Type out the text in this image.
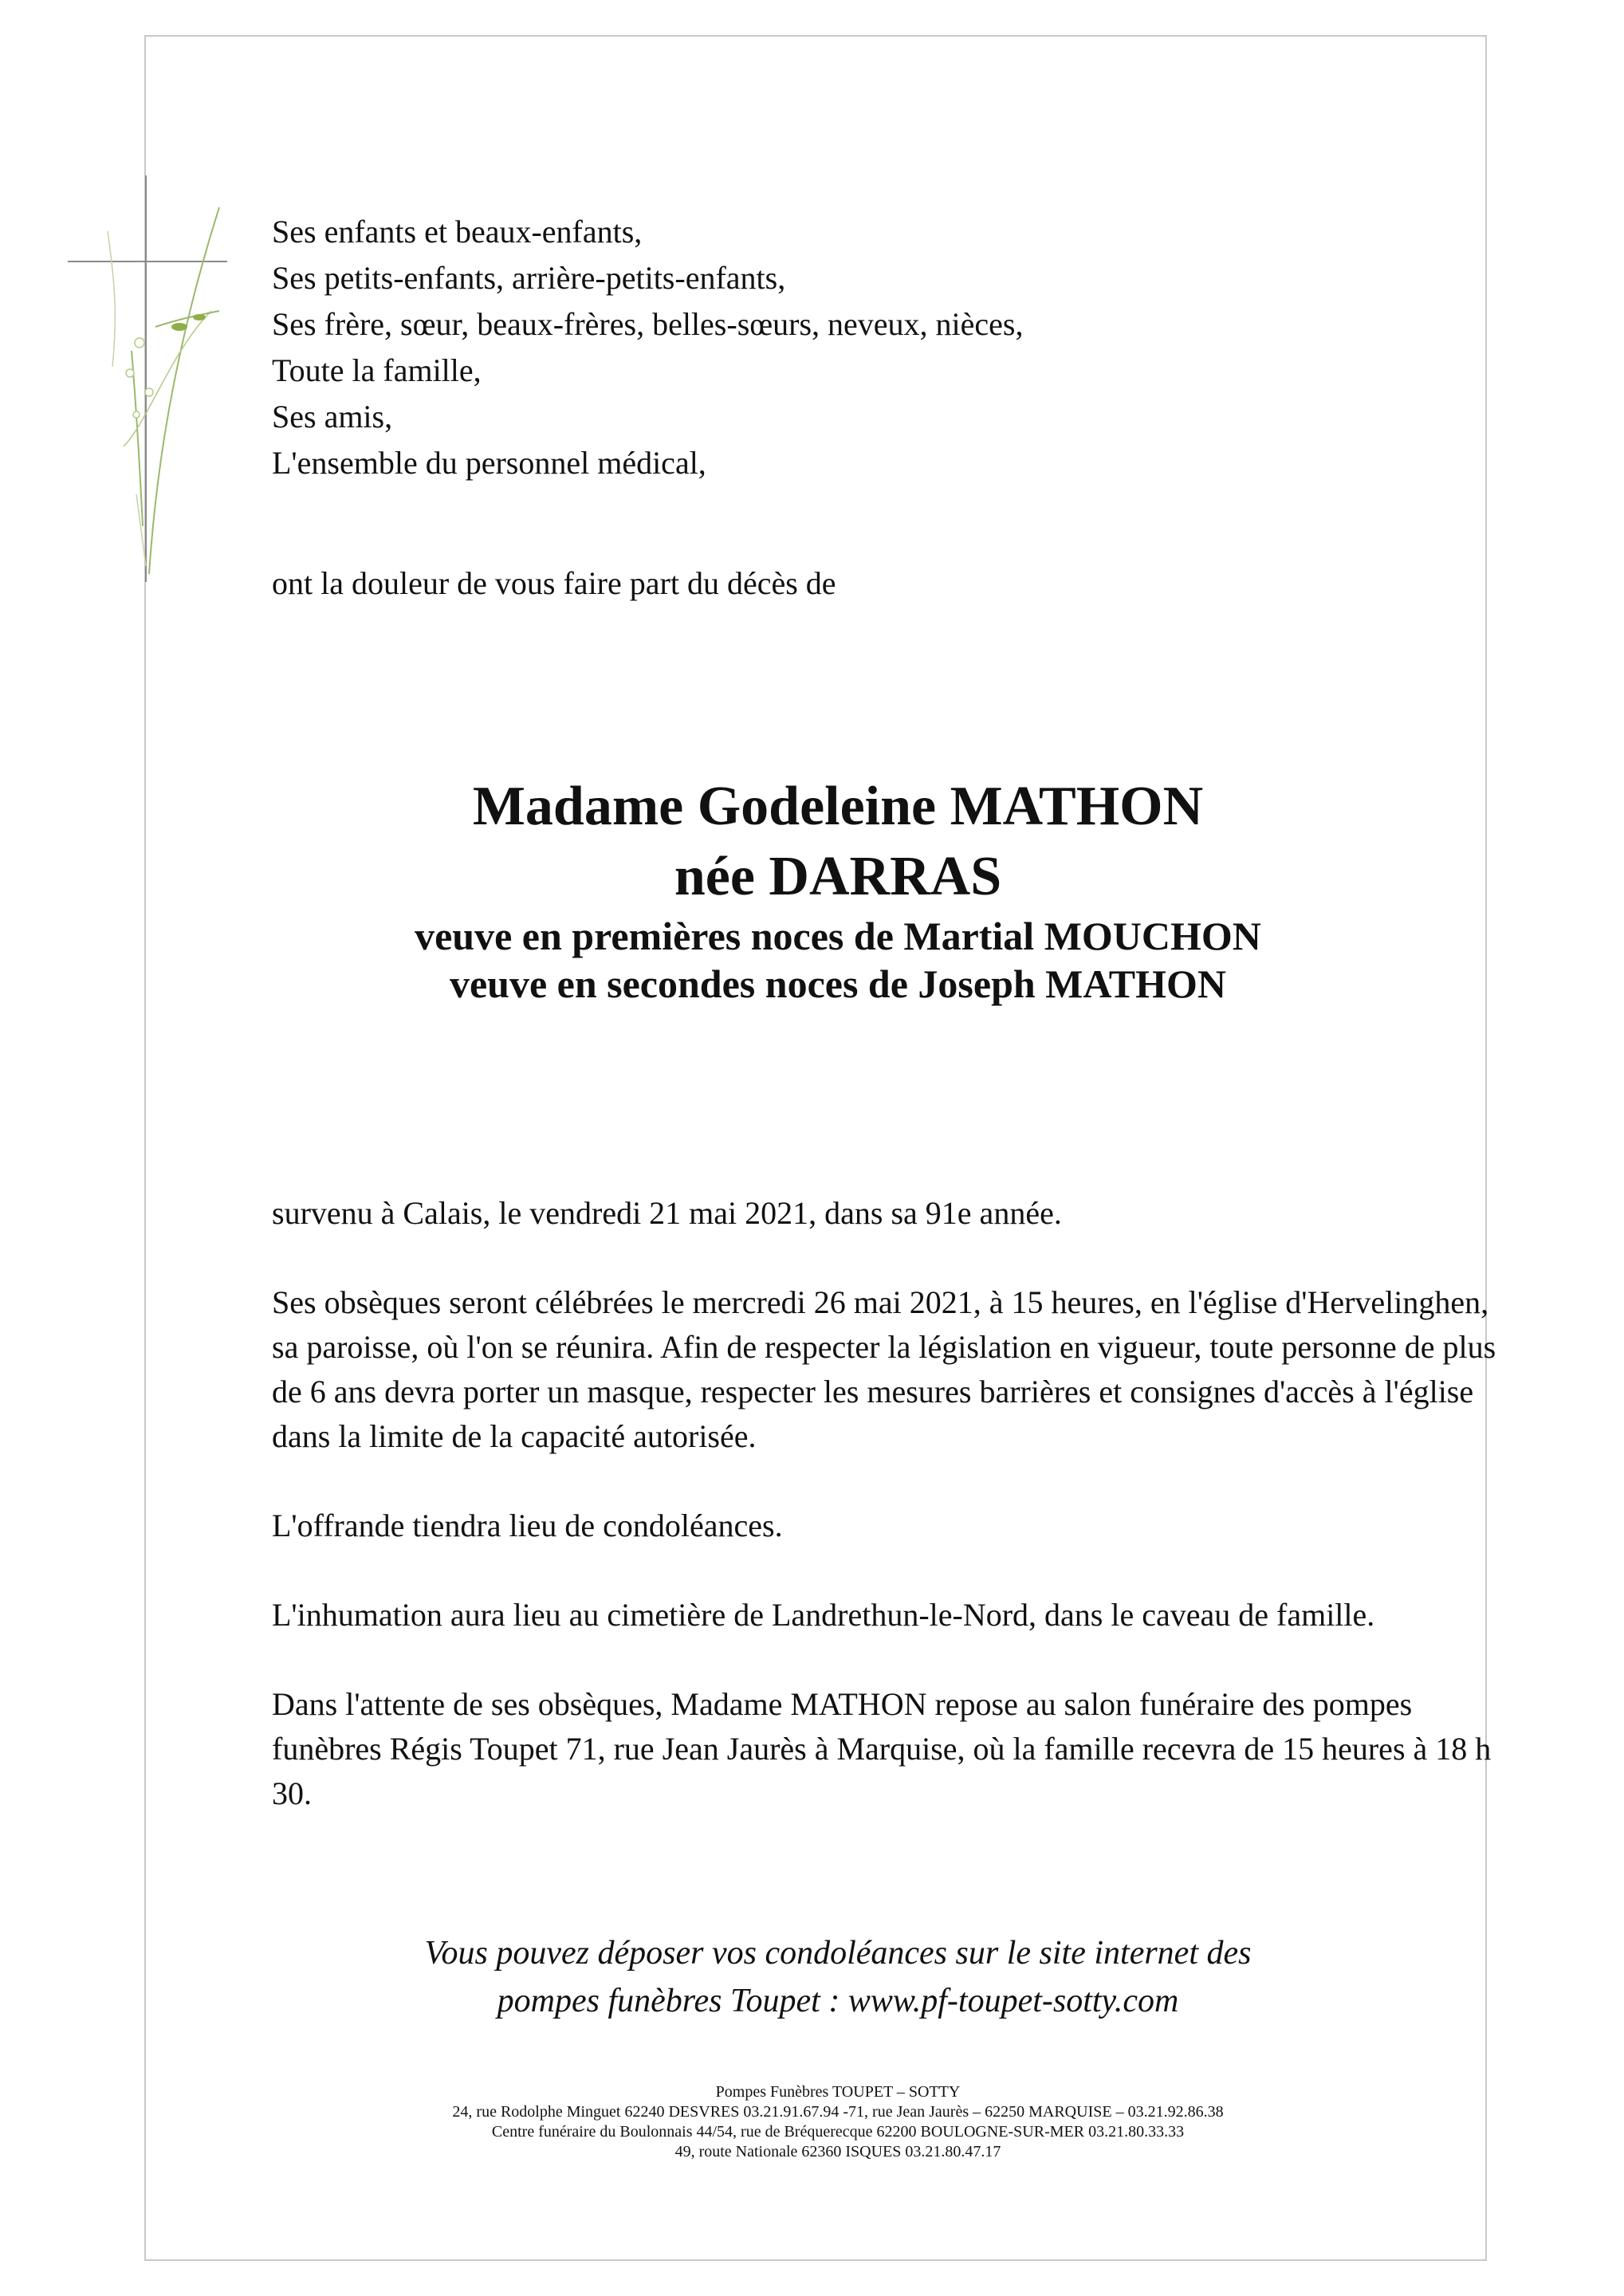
Ses enfants et beaux-enfants,
Ses petits-enfants, arrière-petits-enfants,
Ses frère, sœur, beaux-frères, belles-sœurs, neveux, nièces,
Toute la famille,
Ses amis,
L'ensemble du personnel médical,
ont la douleur de vous faire part du décès de
Madame Godeleine MATHON
née DARRAS
veuve en premières noces de Martial MOUCHON
veuve en secondes noces de Joseph MATHON

survenu à Calais, le vendredi 21 mai 2021, dans sa 91e année.

Ses obsèques seront célébrées le mercredi 26 mai 2021, à 15 heures, en l'église d'Hervelinghen, sa paroisse, où l'on se réunira. Afin de respecter la législation en vigueur, toute personne de plus de 6 ans devra porter un masque, respecter les mesures barrières et consignes d'accès à l'église dans la limite de la capacité autorisée.

L'offrande tiendra lieu de condoléances.

L'inhumation aura lieu au cimetière de Landrethun-le-Nord, dans le caveau de famille.

Dans l'attente de ses obsèques, Madame MATHON repose au salon funéraire des pompes funèbres Régis Toupet 71, rue Jean Jaurès à Marquise, où la famille recevra de 15 heures à 18 h 30.

Vous pouvez déposer vos condoléances sur le site internet des
pompes funèbres Toupet : www.pf-toupet-sotty.com
Pompes Funèbres TOUPET – SOTTY
24, rue Rodolphe Minguet 62240 DESVRES 03.21.91.67.94 -71, rue Jean Jaurès – 62250 MARQUISE – 03.21.92.86.38
Centre funéraire du Boulonnais 44/54, rue de Bréquerecque 62200 BOULOGNE-SUR-MER 03.21.80.33.33
49, route Nationale 62360 ISQUES 03.21.80.47.17
